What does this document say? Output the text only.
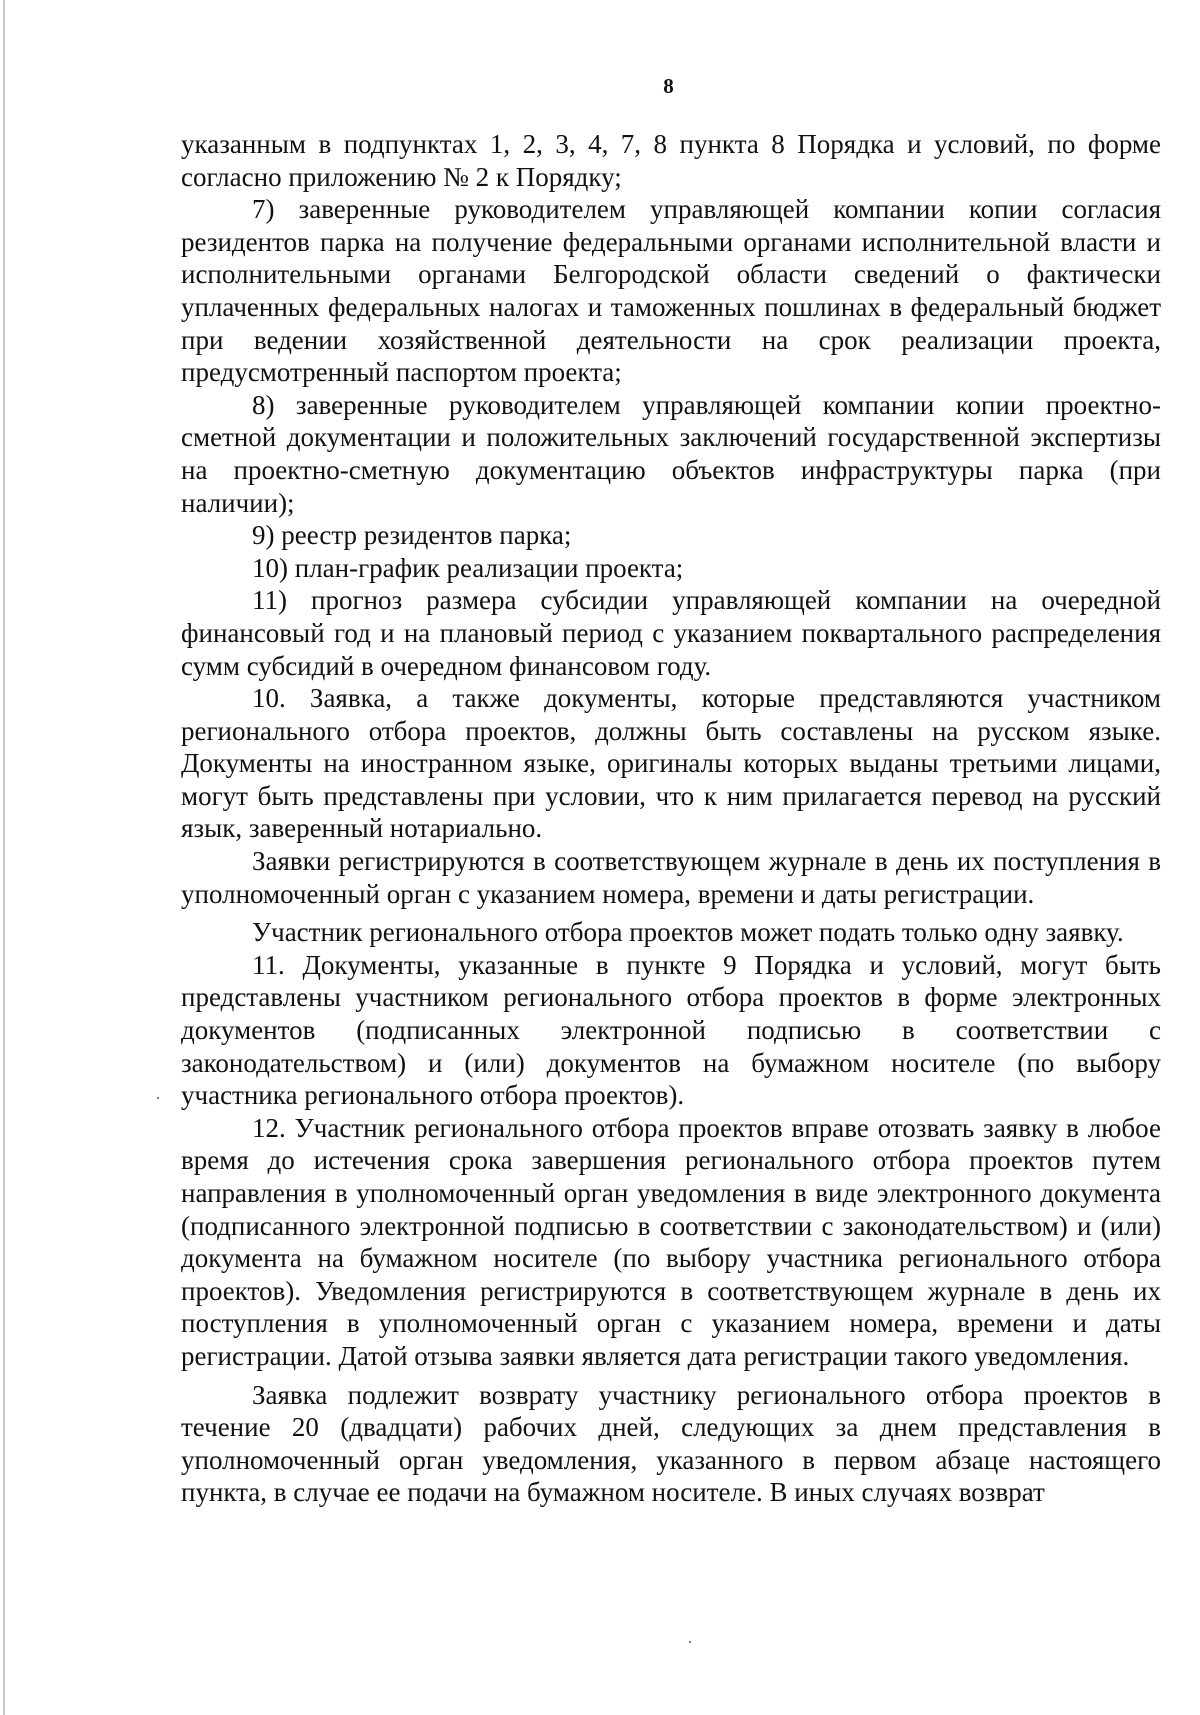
8

указанным в подпунктах 1, 2, 3, 4, 7, 8 пункта 8 Порядка и условий, по форме согласно приложению № 2 к Порядку;

7) заверенные руководителем управляющей компании копии согласия резидентов парка на получение федеральными органами исполнительной власти и исполнительными органами Белгородской области сведений о фактически уплаченных федеральных налогах и таможенных пошлинах в федеральный бюджет при ведении хозяйственной деятельности на срок реализации проекта, предусмотренный паспортом проекта;

8) заверенные руководителем управляющей компании копии проектно-сметной документации и положительных заключений государственной экспертизы на проектно-сметную документацию объектов инфраструктуры парка (при наличии);

9) реестр резидентов парка;

10) план-график реализации проекта;

11) прогноз размера субсидии управляющей компании на очередной финансовый год и на плановый период с указанием поквартального распределения сумм субсидий в очередном финансовом году.

10. Заявка, а также документы, которые представляются участником регионального отбора проектов, должны быть составлены на русском языке. Документы на иностранном языке, оригиналы которых выданы третьими лицами, могут быть представлены при условии, что к ним прилагается перевод на русский язык, заверенный нотариально.

Заявки регистрируются в соответствующем журнале в день их поступления в уполномоченный орган с указанием номера, времени и даты регистрации.

Участник регионального отбора проектов может подать только одну заявку.

11. Документы, указанные в пункте 9 Порядка и условий, могут быть представлены участником регионального отбора проектов в форме электронных документов (подписанных электронной подписью в соответствии с законодательством) и (или) документов на бумажном носителе (по выбору участника регионального отбора проектов).

12. Участник регионального отбора проектов вправе отозвать заявку в любое время до истечения срока завершения регионального отбора проектов путем направления в уполномоченный орган уведомления в виде электронного документа (подписанного электронной подписью в соответствии с законодательством) и (или) документа на бумажном носителе (по выбору участника регионального отбора проектов). Уведомления регистрируются в соответствующем журнале в день их поступления в уполномоченный орган с указанием номера, времени и даты регистрации. Датой отзыва заявки является дата регистрации такого уведомления.

Заявка подлежит возврату участнику регионального отбора проектов в течение 20 (двадцати) рабочих дней, следующих за днем представления в уполномоченный орган уведомления, указанного в первом абзаце настоящего пункта, в случае ее подачи на бумажном носителе. В иных случаях возврат
